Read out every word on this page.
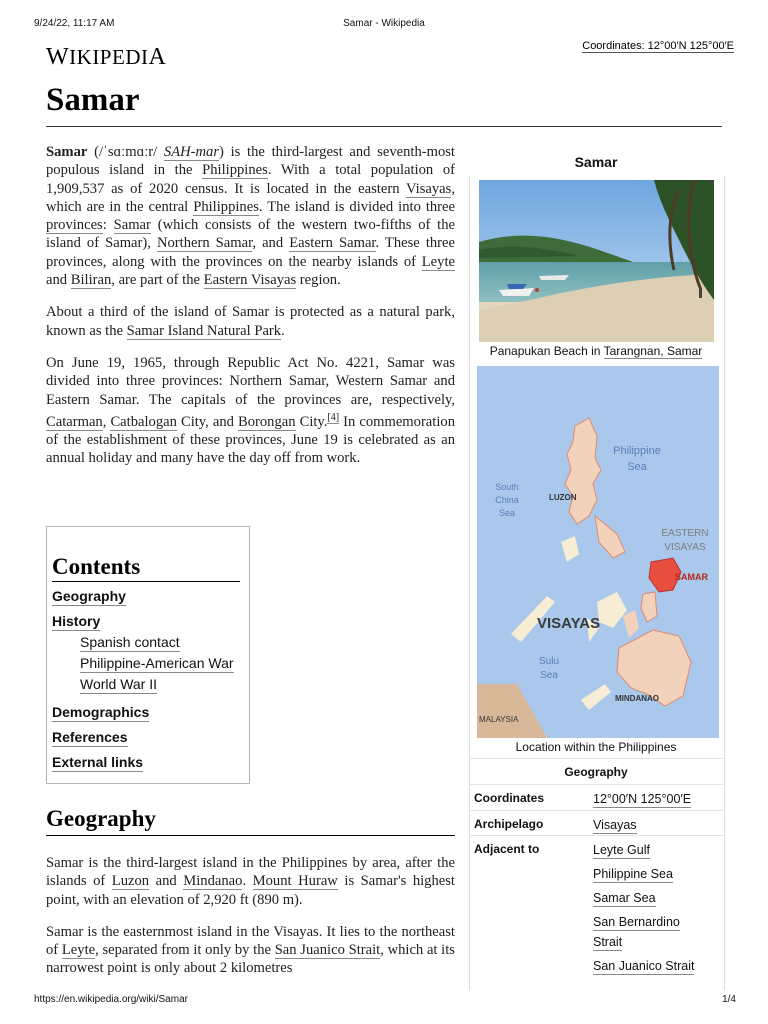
9/24/22, 11:17 AM	Samar - Wikipedia
WIKIPEDIA	Coordinates: 12°00′N 125°00′E
Samar

Samar (/ˈsɑːmɑːr/ SAH-mar) is the third-largest and seventh-most populous island in the Philippines. With a total population of 1,909,537 as of 2020 census. It is located in the eastern Visayas, which are in the central Philippines. The island is divided into three provinces: Samar (which consists of the western two-fifths of the island of Samar), Northern Samar, and Eastern Samar. These three provinces, along with the provinces on the nearby islands of Leyte and Biliran, are part of the Eastern Visayas region.

About a third of the island of Samar is protected as a natural park, known as the Samar Island Natural Park.

On June 19, 1965, through Republic Act No. 4221, Samar was divided into three provinces: Northern Samar, Western Samar and Eastern Samar. The capitals of the provinces are, respectively, Catarman, Catbalogan City, and Borongan City.[4] In commemoration of the establishment of these provinces, June 19 is celebrated as an annual holiday and many have the day off from work.

Contents
Geography
History
Spanish contact
Philippine-American War
World War II
Demographics
References
External links
Geography

Samar is the third-largest island in the Philippines by area, after the islands of Luzon and Mindanao. Mount Huraw is Samar's highest point, with an elevation of 2,920 ft (890 m).

Samar is the easternmost island in the Visayas. It lies to the northeast of Leyte, separated from it only by the San Juanico Strait, which at its narrowest point is only about 2 kilometres

Samar
Panapukan Beach in Tarangnan, Samar
Philippine
Sea
South
China
Sea
LUZON
EASTERN
VISAYAS
SAMAR
VISAYAS
Sulu
Sea
MINDANAO
MALAYSIA
Location within the Philippines
Geography
Coordinates	12°00′N 125°00′E
Archipelago	Visayas
Adjacent to	Leyte Gulf
Philippine Sea
Samar Sea
San Bernardino
Strait
San Juanico Strait
https://en.wikipedia.org/wiki/Samar	1/4
